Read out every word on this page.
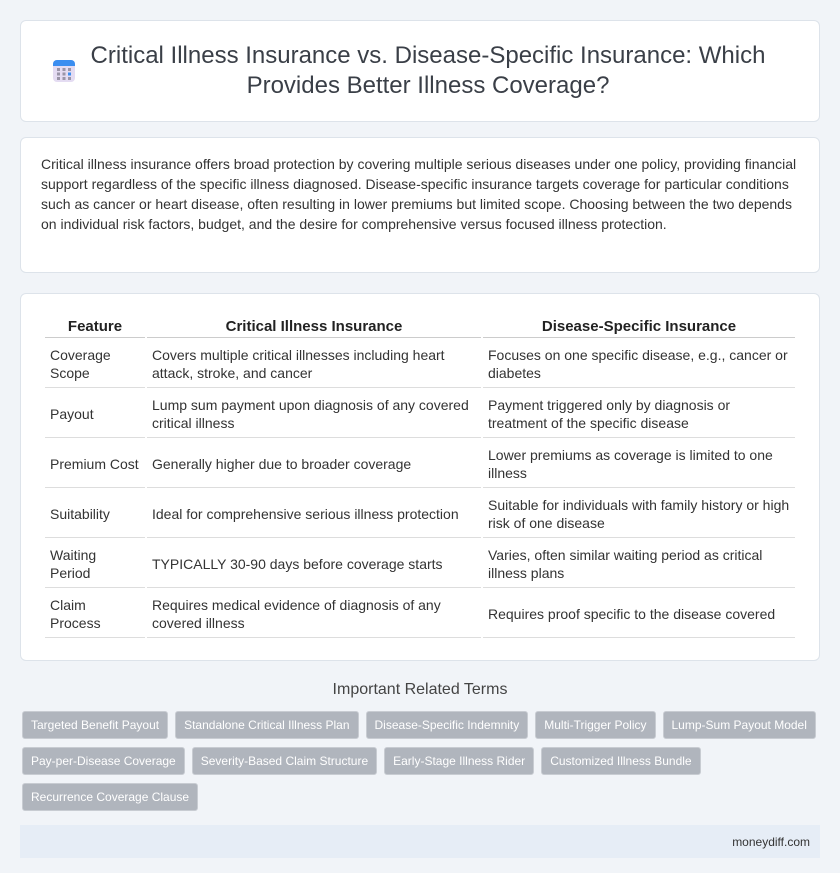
Critical Illness Insurance vs. Disease-Specific Insurance: Which Provides Better Illness Coverage?
Critical illness insurance offers broad protection by covering multiple serious diseases under one policy, providing financial support regardless of the specific illness diagnosed. Disease-specific insurance targets coverage for particular conditions such as cancer or heart disease, often resulting in lower premiums but limited scope. Choosing between the two depends on individual risk factors, budget, and the desire for comprehensive versus focused illness protection.
Feature	Critical Illness Insurance	Disease-Specific Insurance
Coverage Scope	Covers multiple critical illnesses including heart attack, stroke, and cancer	Focuses on one specific disease, e.g., cancer or diabetes
Payout	Lump sum payment upon diagnosis of any covered critical illness	Payment triggered only by diagnosis or treatment of the specific disease
Premium Cost	Generally higher due to broader coverage	Lower premiums as coverage is limited to one illness
Suitability	Ideal for comprehensive serious illness protection	Suitable for individuals with family history or high risk of one disease
Waiting Period	TYPICALLY 30-90 days before coverage starts	Varies, often similar waiting period as critical illness plans
Claim Process	Requires medical evidence of diagnosis of any covered illness	Requires proof specific to the disease covered
Important Related Terms
Targeted Benefit Payout	Standalone Critical Illness Plan	Disease-Specific Indemnity	Multi-Trigger Policy	Lump-Sum Payout Model
Pay-per-Disease Coverage	Severity-Based Claim Structure	Early-Stage Illness Rider	Customized Illness Bundle
Recurrence Coverage Clause
moneydiff.com
